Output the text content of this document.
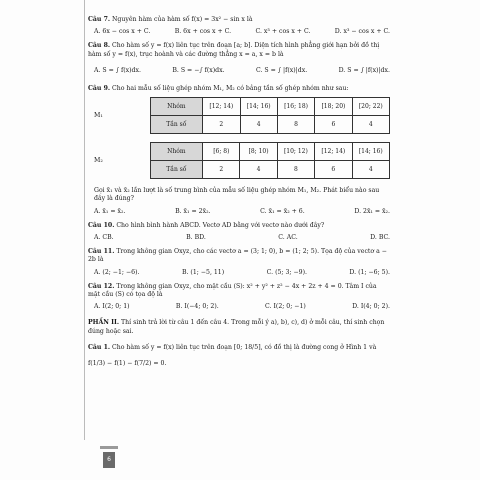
Câu 7. Nguyên hàm của hàm số f(x) = 3x² − sin x là

A. 6x − cos x + C.	B. 6x + cos x + C.	C. x³ + cos x + C.	D. x³ − cos x + C.

Câu 8. Cho hàm số y = f(x) liên tục trên đoạn [a; b]. Diện tích hình phẳng giới hạn bởi đồ thị hàm số y = f(x), trục hoành và các đường thẳng x = a, x = b là

A. S = ∫ f(x)dx.	B. S = −∫ f(x)dx.	C. S = ∫ |f(x)|dx.	D. S = ∫ |f(x)|dx.

Câu 9. Cho hai mẫu số liệu ghép nhóm M₁, M₂ có bảng tần số ghép nhóm như sau:

M₁
Nhóm	[12; 14)	[14; 16)	[16; 18)	[18; 20)	[20; 22)
Tần số	2	4	8	6	4
M₂
Nhóm	[6; 8)	[8; 10)	[10; 12)	[12; 14)	[14; 16)
Tần số	2	4	8	6	4

Gọi x̄₁ và x̄₂ lần lượt là số trung bình của mẫu số liệu ghép nhóm M₁, M₂. Phát biểu nào sau đây là đúng?

A. x̄₁ = x̄₂.	B. x̄₁ = 2x̄₂.	C. x̄₁ = x̄₂ + 6.	D. 2x̄₁ = x̄₂.

Câu 10. Cho hình bình hành ABCD. Vectơ AD bằng với vectơ nào dưới đây?

A. CB.	B. BD.	C. AC.	D. BC.

Câu 11. Trong không gian Oxyz, cho các vectơ a = (3; 1; 0), b = (1; 2; 5). Tọa độ của vectơ a − 2b là

A. (2; −1; −6).	B. (1; −5, 11)	C. (5; 3; −9).	D. (1; −6; 5).

Câu 12. Trong không gian Oxyz, cho mặt cầu (S): x² + y² + z² − 4x + 2z + 4 = 0. Tâm I của mặt cầu (S) có tọa độ là

A. I(2; 0; 1)	B. I(−4; 0; 2).	C. I(2; 0; −1)	D. I(4; 0; 2).

PHẦN II. Thí sinh trả lời từ câu 1 đến câu 4. Trong mỗi ý a), b), c), d) ở mỗi câu, thí sinh chọn đúng hoặc sai.

Câu 1. Cho hàm số y = f(x) liên tục trên đoạn [0; 18/5], có đồ thị là đường cong ở Hình 1 và

f(1/3) − f(1) − f(7/2) = 0.

6
